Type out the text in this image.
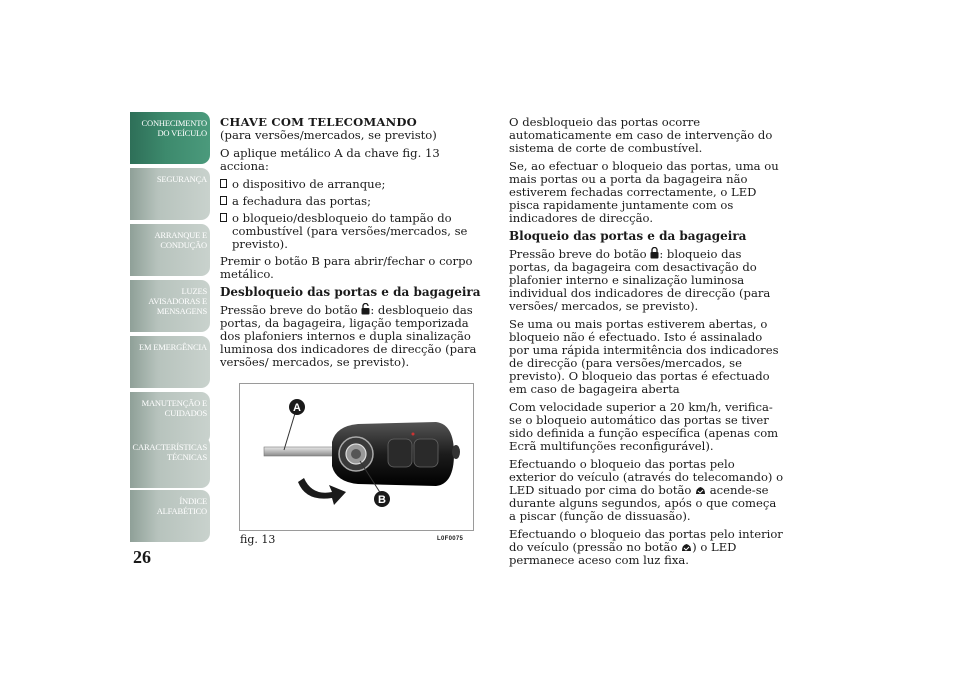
CONHECIMENTO
DO VEÍCULO
SEGURANÇA
ARRANQUE E
CONDUÇÃO
LUZES
AVISADORAS E
MENSAGENS
EM EMERGÊNCIA
MANUTENÇÃO E
CUIDADOS
CARACTERÍSTICAS
TÉCNICAS
ÍNDICE
ALFABÉTICO
26
CHAVE COM TELECOMANDO

(para versões/mercados, se previsto)

O aplique metálico A da chave fig. 13 acciona:

o dispositivo de arranque;
a fechadura das portas;
o bloqueio/desbloqueio do tampão do combustível (para versões/mercados, se previsto).

Premir o botão B para abrir/fechar o corpo metálico.

Desbloqueio das portas e da bagageira

Pressão breve do botão : desbloqueio das portas, da bagageira, ligação temporizada dos plafoniers internos e dupla sinalização luminosa dos indicadores de direcção (para versões/ mercados, se previsto).

A
B
fig. 13	L0F0075

O desbloqueio das portas ocorre automaticamente em caso de intervenção do sistema de corte de combustível.

Se, ao efectuar o bloqueio das portas, uma ou mais portas ou a porta da bagageira não estiverem fechadas correctamente, o LED pisca rapidamente juntamente com os indicadores de direcção.

Bloqueio das portas e da bagageira

Pressão breve do botão : bloqueio das portas, da bagageira com desactivação do plafonier interno e sinalização luminosa individual dos indicadores de direcção (para versões/ mercados, se previsto).

Se uma ou mais portas estiverem abertas, o bloqueio não é efectuado. Isto é assinalado por uma rápida intermitência dos indicadores de direcção (para versões/mercados, se previsto). O bloqueio das portas é efectuado em caso de bagageira aberta

Com velocidade superior a 20 km/h, verifica-se o bloqueio automático das portas se tiver sido definida a função específica (apenas com Ecrã multifunções reconfigurável).

Efectuando o bloqueio das portas pelo exterior do veículo (através do telecomando) o LED situado por cima do botão acende-se durante alguns segundos, após o que começa a piscar (função de dissuasão).

Efectuando o bloqueio das portas pelo interior do veículo (pressão no botão ) o LED permanece aceso com luz fixa.
